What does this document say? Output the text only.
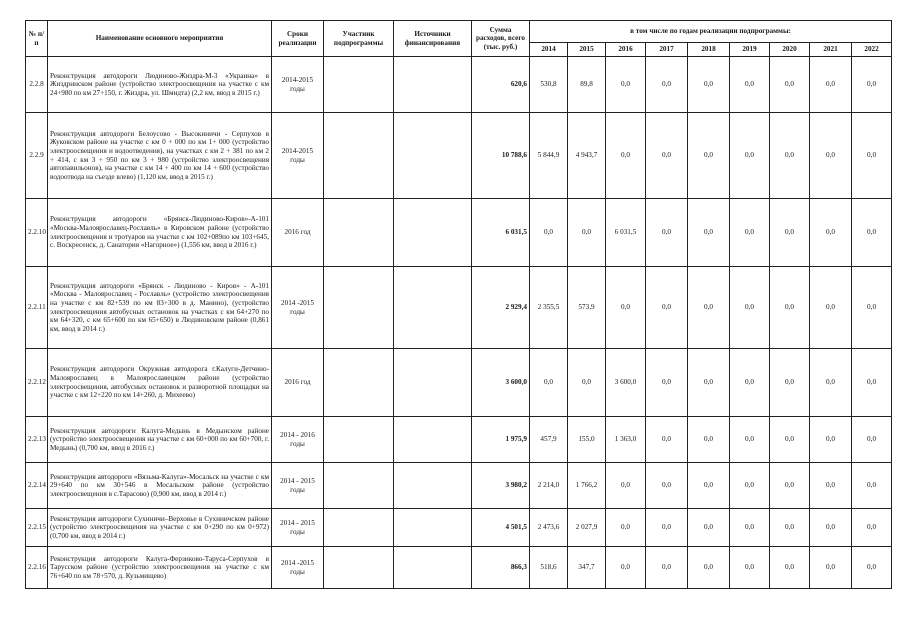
№ п/п	Наименование основного мероприятия	Сроки реализации	Участник подпрограммы	Источники финансирования	Сумма расходов, всего (тыс. руб.)	в том числе по годам реализации подпрограммы:								
						2014	2015	2016	2017	2018	2019	2020	2021	2022
2.2.8	Реконструкция автодороги Людиново-Жиздра-М-3 «Украина» в Жиздринском районе (устройство электроосвещения на участке с км 24+980 по км 27+150, г. Жиздра, ул. Шмидта) (2,2 км, ввод в 2015 г.)	2014-2015 годы			620,6	530,8	89,8	0,0	0,0	0,0	0,0	0,0	0,0	0,0
2.2.9	Реконструкция автодороги Белоусово - Высокиничи - Серпухов в Жуковском районе на участке с км 0 + 000 по км 1+ 000 (устройство электроосвещения и водоотведения), на участках с км 2 + 381 по км 2 + 414, с км 3 + 950 по км 3 + 980 (устройство электроосвещения автопавильонов), на участке с км 14 + 400 по км 14 + 600 (устройство водоотвода на съезде влево) (1,120 км, ввод в 2015 г.)	2014-2015 годы			10 788,6	5 844,9	4 943,7	0,0	0,0	0,0	0,0	0,0	0,0	0,0
2.2.10	Реконструкция автодороги «Брянск-Людиново-Киров»-А-101 «Москва-Малоярославец-Рославль» в Кировском районе (устройство электроосвещения и тротуаров на участке с км 102+089по км 103+645, с. Воскресенск, д. Санатория «Нагорное») (1,556 км, ввод в 2016 г.)	2016 год			6 031,5	0,0	0,0	6 031,5	0,0	0,0	0,0	0,0	0,0	0,0
2.2.11	Реконструкция автодороги «Брянск - Людиново - Киров» - А-101 «Москва - Малоярославец - Рославль» (устройство электроосвещения на участке с км 82+539 по км 83+300 в д. Манино), (устройство электроосвещения автобусных остановок на участках с км 64+270 по км 64+320, с км 65+600 по км 65+650) в Людиновском районе (0,861 км, ввод в 2014 г.)	2014 -2015 годы			2 929,4	2 355,5	573,9	0,0	0,0	0,0	0,0	0,0	0,0	0,0
2.2.12	Реконструкция автодороги Окружная автодорога г.Калуги-Детчино-Малоярославец в Малоярославецком районе (устройство электроосвещения, автобусных остановок и разворотной площадки на участке с км 12+220 по км 14+260, д. Михеево)	2016 год			3 600,0	0,0	0,0	3 600,0	0,0	0,0	0,0	0,0	0,0	0,0
2.2.13	Реконструкция автодороги Калуга-Медынь в Медынском районе (устройство электроосвещения на участке с км 60+000 по км 60+700, г. Медынь) (0,700 км, ввод в 2016 г.)	2014 - 2016 годы			1 975,9	457,9	155,0	1 363,0	0,0	0,0	0,0	0,0	0,0	0,0
2.2.14	Реконструкция автодороги «Вязьма-Калуга»-Мосальск на участке с км 29+640 по км 30+546 в Мосальском районе (устройство электроосвещения в с.Тарасово) (0,900 км, ввод в 2014 г.)	2014 - 2015 годы			3 980,2	2 214,0	1 766,2	0,0	0,0	0,0	0,0	0,0	0,0	0,0
2.2.15	Реконструкция автодороги Сухиничи–Верховье в Сухиничском районе (устройство электроосвещения на участке с км 0+290 по км 0+972) (0,700 км, ввод в 2014 г.)	2014 - 2015 годы			4 501,5	2 473,6	2 027,9	0,0	0,0	0,0	0,0	0,0	0,0	0,0
2.2.16	Реконструкция автодороги Калуга-Ферзиково-Таруса-Серпухов в Тарусском районе (устройство электроосвещения на участке с км 76+640 по км 78+570, д. Кузьмищево)	2014 -2015 годы			866,3	518,6	347,7	0,0	0,0	0,0	0,0	0,0	0,0	0,0
